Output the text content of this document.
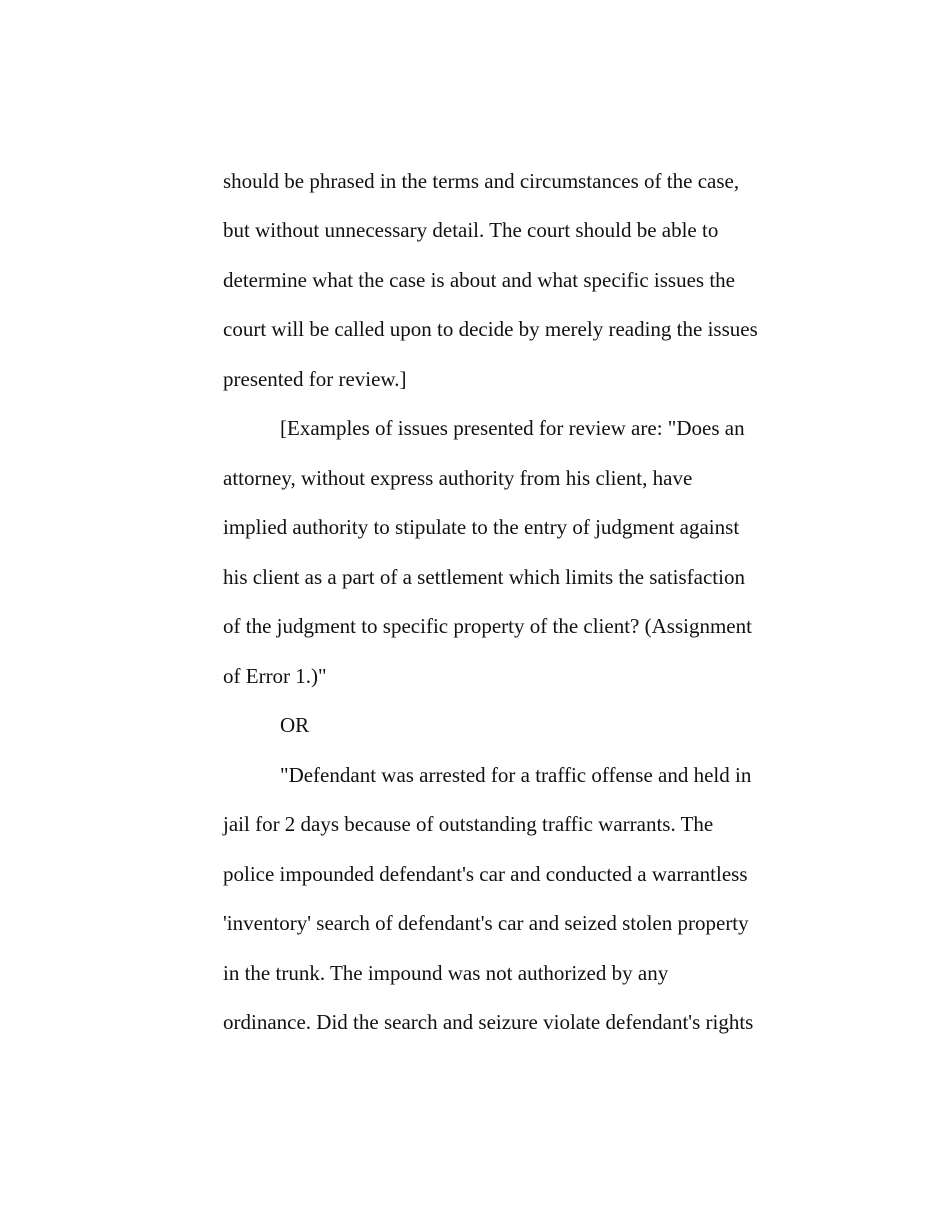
should be phrased in the terms and circumstances of the case,
but without unnecessary detail. The court should be able to
determine what the case is about and what specific issues the
court will be called upon to decide by merely reading the issues
presented for review.]
[Examples of issues presented for review are: "Does an
attorney, without express authority from his client, have
implied authority to stipulate to the entry of judgment against
his client as a part of a settlement which limits the satisfaction
of the judgment to specific property of the client? (Assignment
of Error 1.)"
OR
"Defendant was arrested for a traffic offense and held in
jail for 2 days because of outstanding traffic warrants. The
police impounded defendant's car and conducted a warrantless
'inventory' search of defendant's car and seized stolen property
in the trunk. The impound was not authorized by any
ordinance. Did the search and seizure violate defendant's rights
